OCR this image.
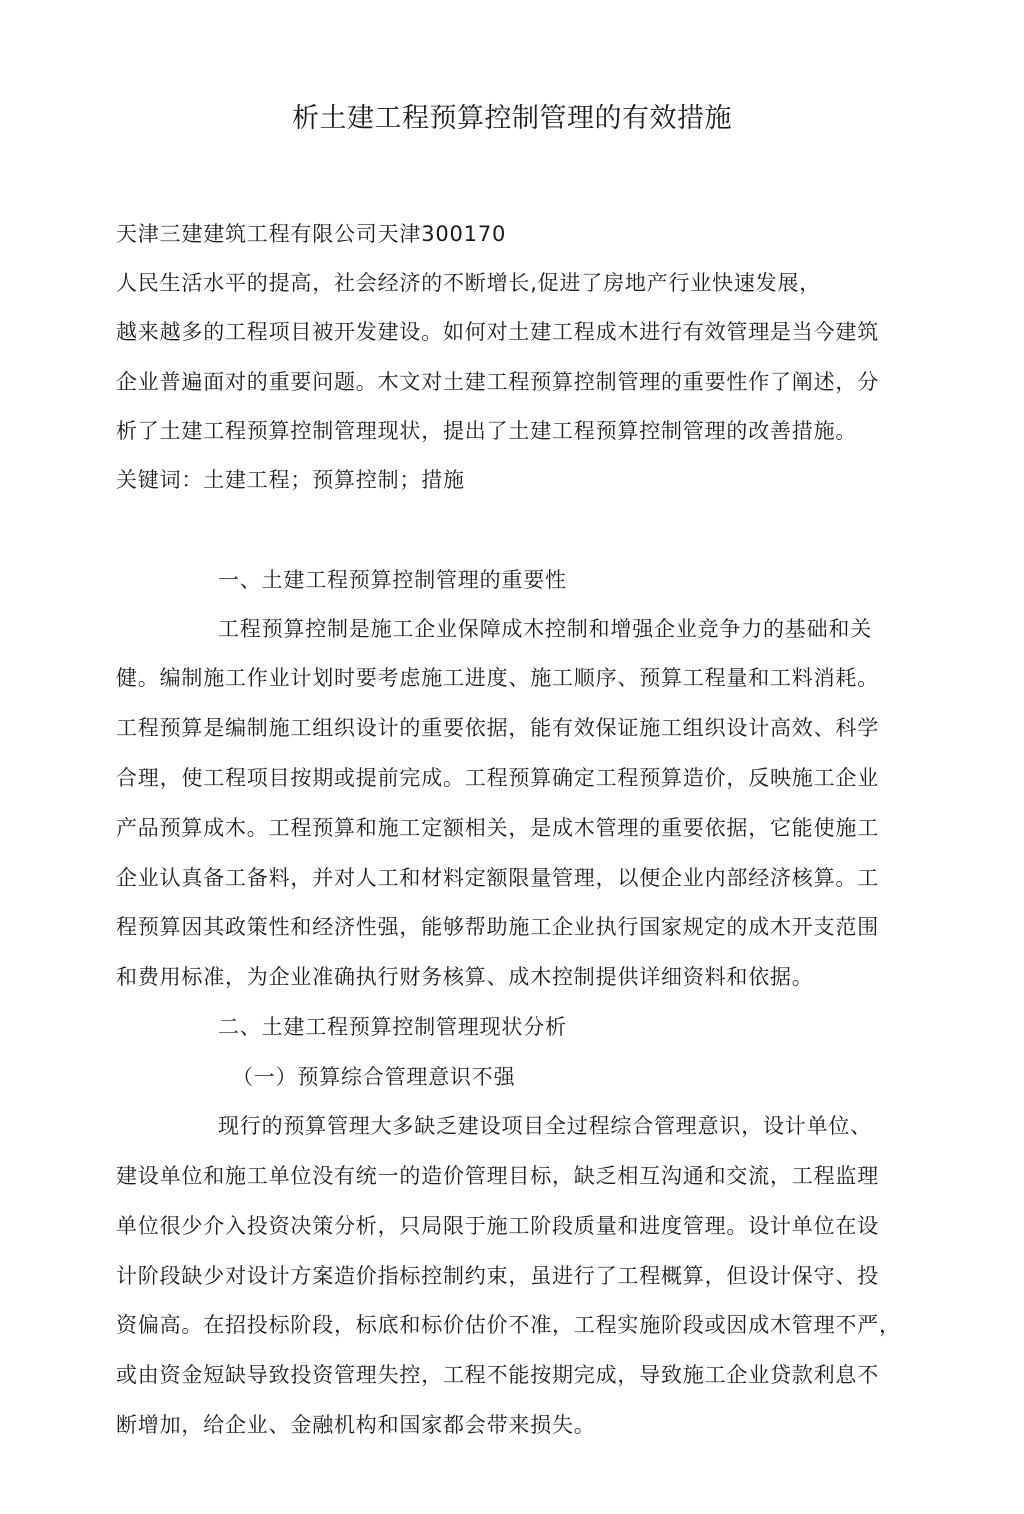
析土建工程预算控制管理的有效措施

天津三建建筑工程有限公司天津300170

人民生活水平的提高，社会经济的不断增长,促进了房地产行业快速发展，

越来越多的工程项目被开发建设。如何对土建工程成木进行有效管理是当今建筑

企业普遍面对的重要问题。木文对土建工程预算控制管理的重要性作了阐述，分

析了土建工程预算控制管理现状，提出了土建工程预算控制管理的改善措施。

关键词：土建工程；预算控制；措施

一、土建工程预算控制管理的重要性

工程预算控制是施工企业保障成木控制和增强企业竞争力的基础和关

健。编制施工作业计划时要考虑施工进度、施工顺序、预算工程量和工料消耗。

工程预算是编制施工组织设计的重要依据，能有效保证施工组织设计高效、科学

合理，使工程项目按期或提前完成。工程预算确定工程预算造价，反映施工企业

产品预算成木。工程预算和施工定额相关，是成木管理的重要依据，它能使施工

企业认真备工备料，并对人工和材料定额限量管理，以便企业内部经济核算。工

程预算因其政策性和经济性强，能够帮助施工企业执行国家规定的成木开支范围

和费用标准，为企业准确执行财务核算、成木控制提供详细资料和依据。

二、土建工程预算控制管理现状分析

（一）预算综合管理意识不强

现行的预算管理大多缺乏建设项目全过程综合管理意识，设计单位、

建设单位和施工单位没有统一的造价管理目标，缺乏相互沟通和交流，工程监理

单位很少介入投资决策分析，只局限于施工阶段质量和进度管理。设计单位在设

计阶段缺少对设计方案造价指标控制约束，虽进行了工程概算，但设计保守、投

资偏高。在招投标阶段，标底和标价估价不准，工程实施阶段或因成木管理不严，

或由资金短缺导致投资管理失控，工程不能按期完成，导致施工企业贷款利息不

断增加，给企业、金融机构和国家都会带来损失。
